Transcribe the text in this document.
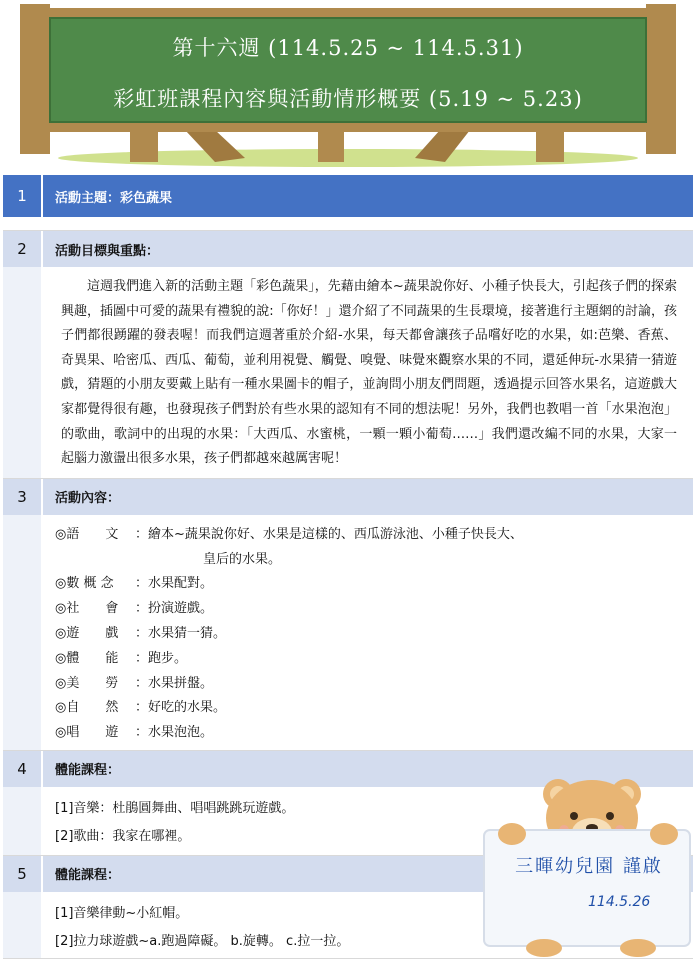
第十六週 (114.5.25 ~ 114.5.31)
彩虹班課程內容與活動情形概要 (5.19 ~ 5.23)
1	活動主題：彩色蔬果
2	活動目標與重點：

這週我們進入新的活動主題「彩色蔬果」，先藉由繪本~蔬果說你好、小種子快長大，引起孩子們的探索興趣，插圖中可愛的蔬果有禮貌的說:「你好！」還介紹了不同蔬果的生長環境，接著進行主題網的討論，孩子們都很踴躍的發表喔！而我們這週著重於介紹-水果，每天都會讓孩子品嚐好吃的水果，如:芭樂、香蕉、奇異果、哈密瓜、西瓜、葡萄，並利用視覺、觸覺、嗅覺、味覺來觀察水果的不同，還延伸玩-水果猜一猜遊戲，猜題的小朋友要戴上貼有一種水果圖卡的帽子，並詢問小朋友們問題，透過提示回答水果名，這遊戲大家都覺得很有趣，也發現孩子們對於有些水果的認知有不同的想法呢！另外，我們也教唱一首「水果泡泡」的歌曲，歌詞中的出現的水果：「大西瓜、水蜜桃，一顆一顆小葡萄……」我們還改編不同的水果，大家一起腦力激盪出很多水果，孩子們都越來越厲害呢！

3	活動內容：
◎語　　文 ：繪本~蔬果說你好、水果是這樣的、西瓜游泳池、小種子快長大、
皇后的水果。
◎數 概 念 ：水果配對。
◎社　　會 ：扮演遊戲。
◎遊　　戲 ：水果猜一猜。
◎體　　能 ：跑步。
◎美　　勞 ：水果拼盤。
◎自　　然 ：好吃的水果。
◎唱　　遊 ：水果泡泡。
4	體能課程：
[1]音樂：杜鵑圓舞曲、唱唱跳跳玩遊戲。
[2]歌曲：我家在哪裡。
5	體能課程：
[1]音樂律動~小紅帽。
[2]拉力球遊戲~a.跑過障礙。 b.旋轉。 c.拉一拉。
三暉幼兒園 謹啟
114.5.26
